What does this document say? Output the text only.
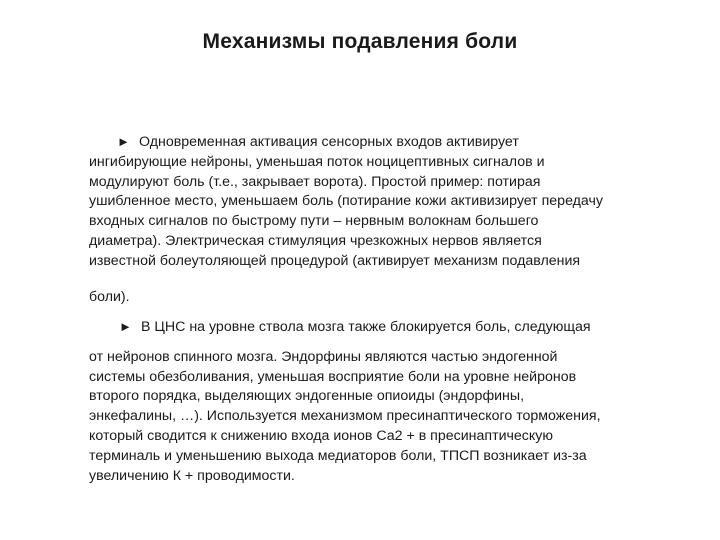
Механизмы подавления боли
► Одновременная активация сенсорных входов активирует
ингибирующие нейроны, уменьшая поток ноцицептивных сигналов и
модулируют боль (т.е., закрывает ворота). Простой пример: потирая
ушибленное место, уменьшаем боль (потирание кожи активизирует передачу
входных сигналов по быстрому пути – нервным волокнам большего
диаметра). Электрическая стимуляция чрезкожных нервов является
известной болеутоляющей процедурой (активирует механизм подавления
боли).
► В ЦНС на уровне ствола мозга также блокируется боль, следующая
от нейронов спинного мозга. Эндорфины являются частью эндогенной
системы обезболивания, уменьшая восприятие боли на уровне нейронов
второго порядка, выделяющих эндогенные опиоиды (эндорфины,
энкефалины, …). Используется механизмом пресинаптического торможения,
который сводится к снижению входа ионов Са2 + в пресинаптическую
терминаль и уменьшению выхода медиаторов боли, ТПСП возникает из-за
увеличению К + проводимости.
